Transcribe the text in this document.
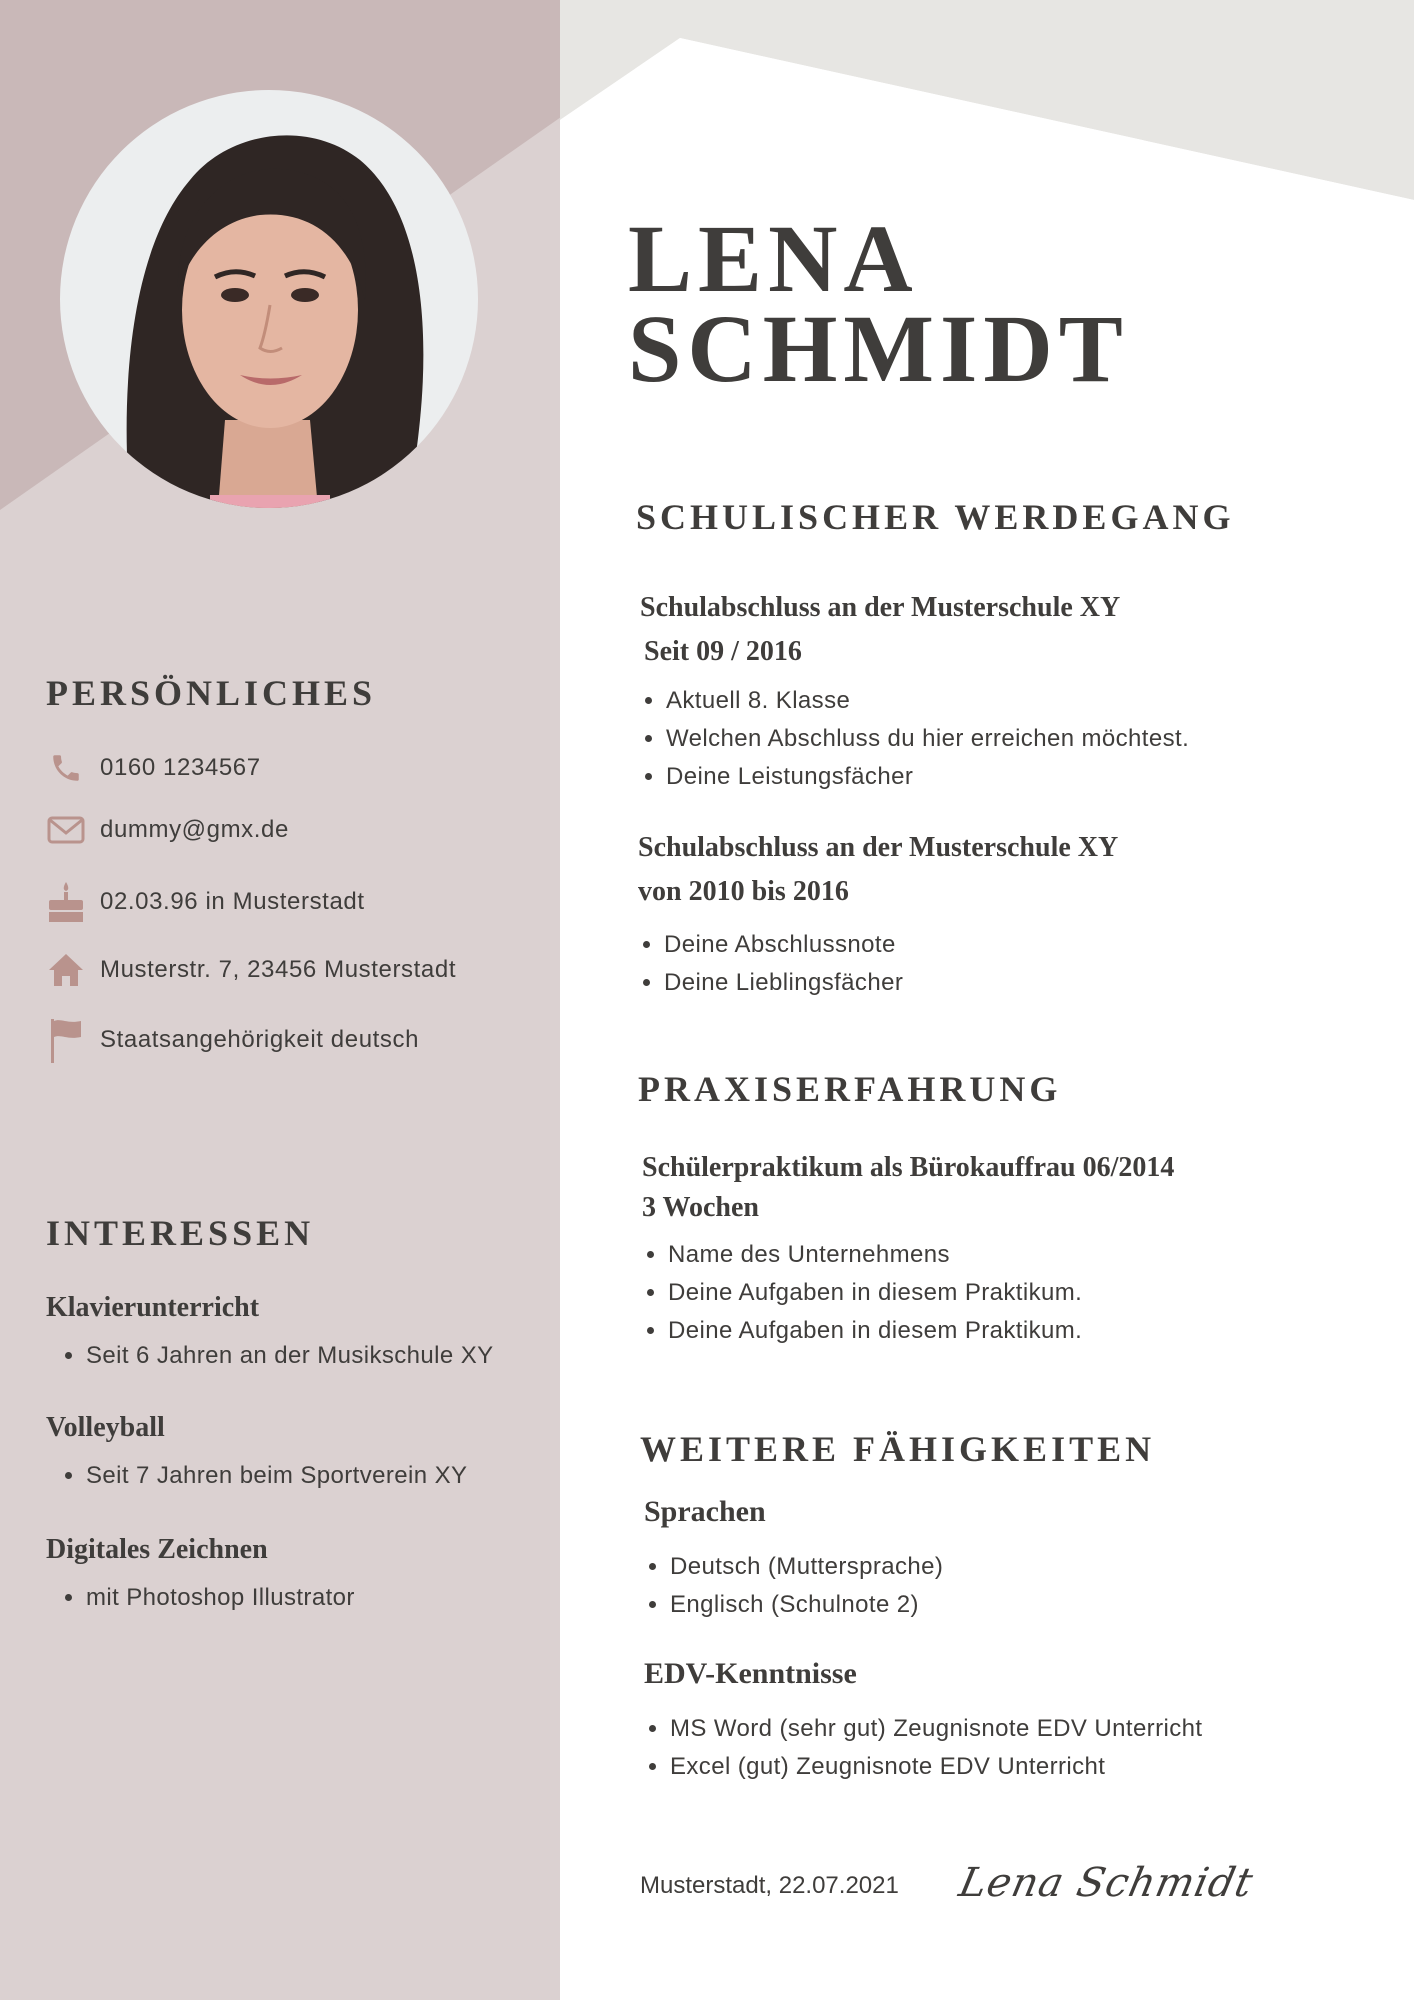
PERSÖNLICHES
0160 1234567
dummy@gmx.de
02.03.96 in Musterstadt
Musterstr. 7, 23456 Musterstadt
Staatsangehörigkeit deutsch
INTERESSEN
Klavierunterricht
• Seit 6 Jahren an der Musikschule XY
Volleyball
• Seit 7 Jahren beim Sportverein XY
Digitales Zeichnen
• mit Photoshop Illustrator
LENA
SCHMIDT
SCHULISCHER WERDEGANG
Schulabschluss an der Musterschule XY
Seit 09 / 2016
• Aktuell 8. Klasse
• Welchen Abschluss du hier erreichen möchtest.
• Deine Leistungsfächer
Schulabschluss an der Musterschule XY
von 2010 bis 2016
• Deine Abschlussnote
• Deine Lieblingsfächer
PRAXISERFAHRUNG
Schülerpraktikum als Bürokauffrau 06/2014
3 Wochen
• Name des Unternehmens
• Deine Aufgaben in diesem Praktikum.
• Deine Aufgaben in diesem Praktikum.
WEITERE FÄHIGKEITEN
Sprachen
• Deutsch (Muttersprache)
• Englisch (Schulnote 2)
EDV-Kenntnisse
• MS Word (sehr gut) Zeugnisnote EDV Unterricht
• Excel (gut) Zeugnisnote EDV Unterricht
Musterstadt, 22.07.2021 Lena Schmidt
